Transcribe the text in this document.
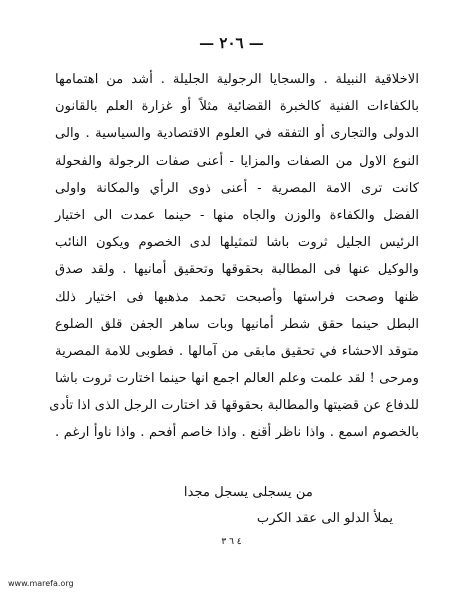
— ٢٠٦ —
الاخلاقية النبيلة . والسجايا الرجولية الجليلة . أشد من اهتمامها
بالكفاءات الفنية كالخبرة القضائية مثلاً أو غزارة العلم بالقانون
الدولى والتجارى أو التفقه في العلوم الاقتصادية والسياسية . والى
النوع الاول من الصفات والمزايا - أعنى صفات الرجولة والفحولة
كانت ترى الامة المصرية - أعنى ذوى الرأي والمكانة واولى
الفضل والكفاءة والوزن والجاه منها - حينما عمدت الى اختيار
الرئيس الجليل ثروت باشا لتمثيلها لدى الخصوم ويكون النائب
والوكيل عنها فى المطالبة بحقوقها وتحقيق أمانيها . ولقد صدق
ظنها وصحت فراستها وأصبحت تحمد مذهبها فى اختيار ذلك
البطل حينما حقق شطر أمانيها وبات ساهر الجفن قلق الضلوع
متوقد الاحشاء في تحقيق مابقى من آمالها . فطوبى للامة المصرية
ومرحى ! لقد علمت وعلم العالم اجمع انها حينما اختارت ثروت باشا
للدفاع عن قضيتها والمطالبة بحقوقها قد اختارت الرجل الذى اذا تأدى
بالخصوم اسمع . واذا ناظر أقنع . واذا خاصم أفحم . واذا ناوأ ارغم .
من يسجلى يسجل مجدا
يملأ الدلو الى عقد الكرب
٤ ٦ ٣
www.marefa.org
